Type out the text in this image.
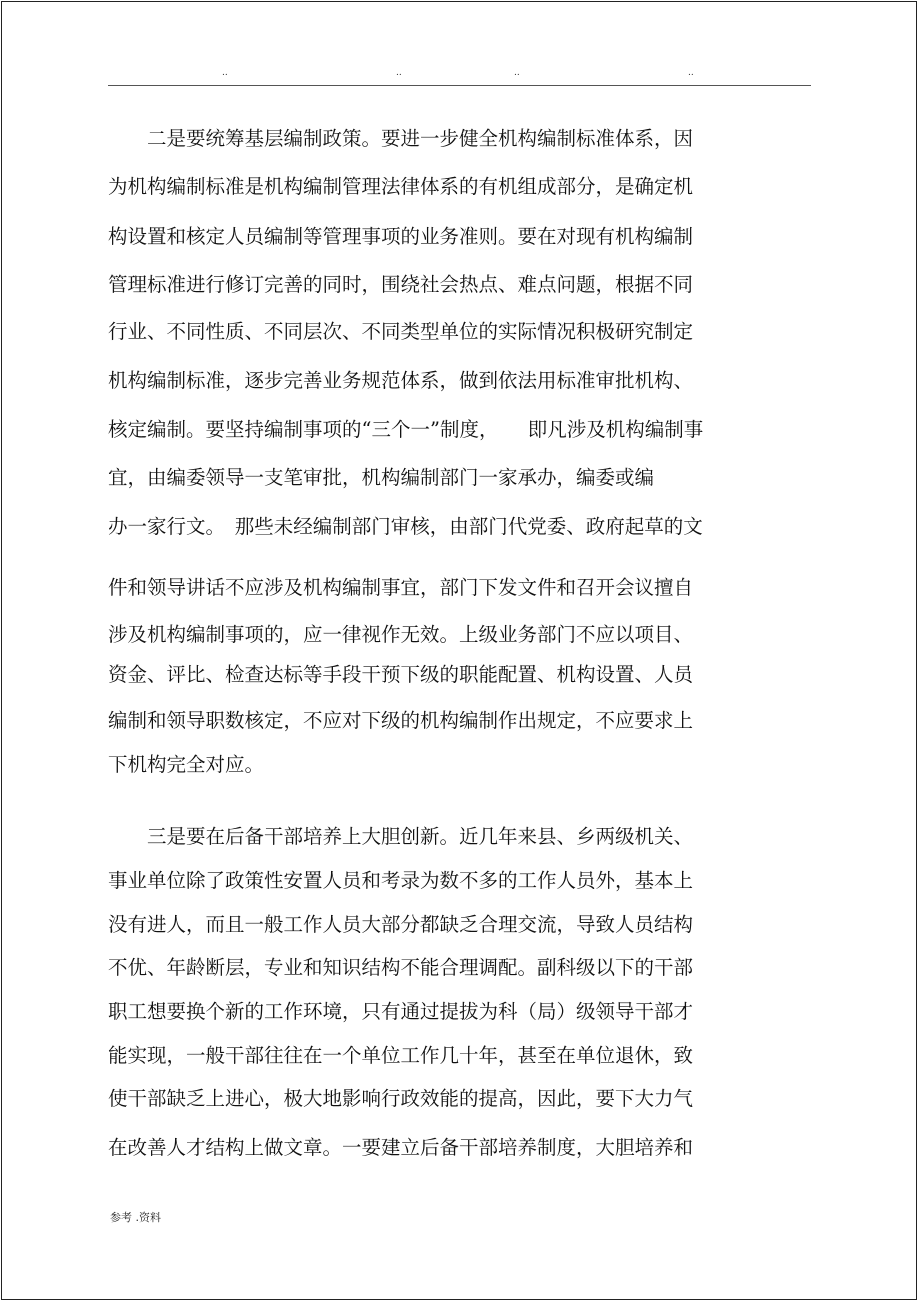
..	..	..	..
　　二是要统筹基层编制政策。要进一步健全机构编制标准体系，因
为机构编制标准是机构编制管理法律体系的有机组成部分，是确定机
构设置和核定人员编制等管理事项的业务准则。要在对现有机构编制
管理标准进行修订完善的同时，围绕社会热点、难点问题，根据不同
行业、不同性质、不同层次、不同类型单位的实际情况积极研究制定
机构编制标准，逐步完善业务规范体系，做到依法用标准审批机构、
核定编制。要坚持编制事项的“三个一”制度，　　即凡涉及机构编制事
宜，由编委领导一支笔审批，机构编制部门一家承办，编委或编
办一家行文。　那些未经编制部门审核，由部门代党委、政府起草的文
件和领导讲话不应涉及机构编制事宜，部门下发文件和召开会议擅自
涉及机构编制事项的，应一律视作无效。上级业务部门不应以项目、
资金、评比、检查达标等手段干预下级的职能配置、机构设置、人员
编制和领导职数核定，不应对下级的机构编制作出规定，不应要求上
下机构完全对应。
　　三是要在后备干部培养上大胆创新。近几年来县、乡两级机关、
事业单位除了政策性安置人员和考录为数不多的工作人员外，基本上
没有进人，而且一般工作人员大部分都缺乏合理交流，导致人员结构
不优、年龄断层，专业和知识结构不能合理调配。副科级以下的干部
职工想要换个新的工作环境，只有通过提拔为科（局）级领导干部才
能实现，一般干部往往在一个单位工作几十年，甚至在单位退休，致
使干部缺乏上进心，极大地影响行政效能的提高，因此，要下大力气
在改善人才结构上做文章。一要建立后备干部培养制度，大胆培养和
参考 .资料
